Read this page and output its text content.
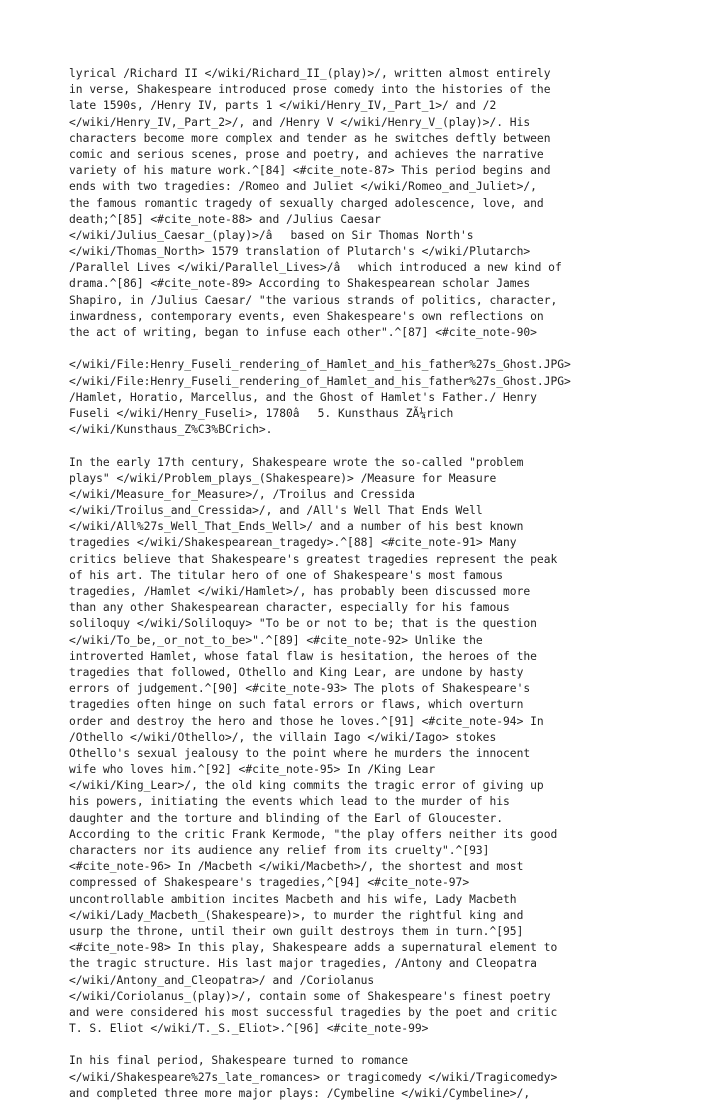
lyrical /Richard II </wiki/Richard_II_(play)>/, written almost entirely
in verse, Shakespeare introduced prose comedy into the histories of the
late 1590s, /Henry IV, parts 1 </wiki/Henry_IV,_Part_1>/ and /2
</wiki/Henry_IV,_Part_2>/, and /Henry V </wiki/Henry_V_(play)>/. His
characters become more complex and tender as he switches deftly between
comic and serious scenes, prose and poetry, and achieves the narrative
variety of his mature work.^[84] <#cite_note-87> This period begins and
ends with two tragedies: /Romeo and Juliet </wiki/Romeo_and_Juliet>/,
the famous romantic tragedy of sexually charged adolescence, love, and
death;^[85] <#cite_note-88> and /Julius Caesar
</wiki/Julius_Caesar_(play)>/âbased on Sir Thomas North's
</wiki/Thomas_North> 1579 translation of Plutarch's </wiki/Plutarch>
/Parallel Lives </wiki/Parallel_Lives>/âwhich introduced a new kind of
drama.^[86] <#cite_note-89> According to Shakespearean scholar James
Shapiro, in /Julius Caesar/ "the various strands of politics, character,
inwardness, contemporary events, even Shakespeare's own reflections on
the act of writing, began to infuse each other".^[87] <#cite_note-90>
</wiki/File:Henry_Fuseli_rendering_of_Hamlet_and_his_father%27s_Ghost.JPG>
</wiki/File:Henry_Fuseli_rendering_of_Hamlet_and_his_father%27s_Ghost.JPG>
/Hamlet, Horatio, Marcellus, and the Ghost of Hamlet's Father./ Henry
Fuseli </wiki/Henry_Fuseli>, 1780â5. Kunsthaus ZÃ¼rich
</wiki/Kunsthaus_Z%C3%BCrich>.
In the early 17th century, Shakespeare wrote the so-called "problem
plays" </wiki/Problem_plays_(Shakespeare)> /Measure for Measure
</wiki/Measure_for_Measure>/, /Troilus and Cressida
</wiki/Troilus_and_Cressida>/, and /All's Well That Ends Well
</wiki/All%27s_Well_That_Ends_Well>/ and a number of his best known
tragedies </wiki/Shakespearean_tragedy>.^[88] <#cite_note-91> Many
critics believe that Shakespeare's greatest tragedies represent the peak
of his art. The titular hero of one of Shakespeare's most famous
tragedies, /Hamlet </wiki/Hamlet>/, has probably been discussed more
than any other Shakespearean character, especially for his famous
soliloquy </wiki/Soliloquy> "To be or not to be; that is the question
</wiki/To_be,_or_not_to_be>".^[89] <#cite_note-92> Unlike the
introverted Hamlet, whose fatal flaw is hesitation, the heroes of the
tragedies that followed, Othello and King Lear, are undone by hasty
errors of judgement.^[90] <#cite_note-93> The plots of Shakespeare's
tragedies often hinge on such fatal errors or flaws, which overturn
order and destroy the hero and those he loves.^[91] <#cite_note-94> In
/Othello </wiki/Othello>/, the villain Iago </wiki/Iago> stokes
Othello's sexual jealousy to the point where he murders the innocent
wife who loves him.^[92] <#cite_note-95> In /King Lear
</wiki/King_Lear>/, the old king commits the tragic error of giving up
his powers, initiating the events which lead to the murder of his
daughter and the torture and blinding of the Earl of Gloucester.
According to the critic Frank Kermode, "the play offers neither its good
characters nor its audience any relief from its cruelty".^[93]
<#cite_note-96> In /Macbeth </wiki/Macbeth>/, the shortest and most
compressed of Shakespeare's tragedies,^[94] <#cite_note-97>
uncontrollable ambition incites Macbeth and his wife, Lady Macbeth
</wiki/Lady_Macbeth_(Shakespeare)>, to murder the rightful king and
usurp the throne, until their own guilt destroys them in turn.^[95]
<#cite_note-98> In this play, Shakespeare adds a supernatural element to
the tragic structure. His last major tragedies, /Antony and Cleopatra
</wiki/Antony_and_Cleopatra>/ and /Coriolanus
</wiki/Coriolanus_(play)>/, contain some of Shakespeare's finest poetry
and were considered his most successful tragedies by the poet and critic
T. S. Eliot </wiki/T._S._Eliot>.^[96] <#cite_note-99>
In his final period, Shakespeare turned to romance
</wiki/Shakespeare%27s_late_romances> or tragicomedy </wiki/Tragicomedy>
and completed three more major plays: /Cymbeline </wiki/Cymbeline>/,
